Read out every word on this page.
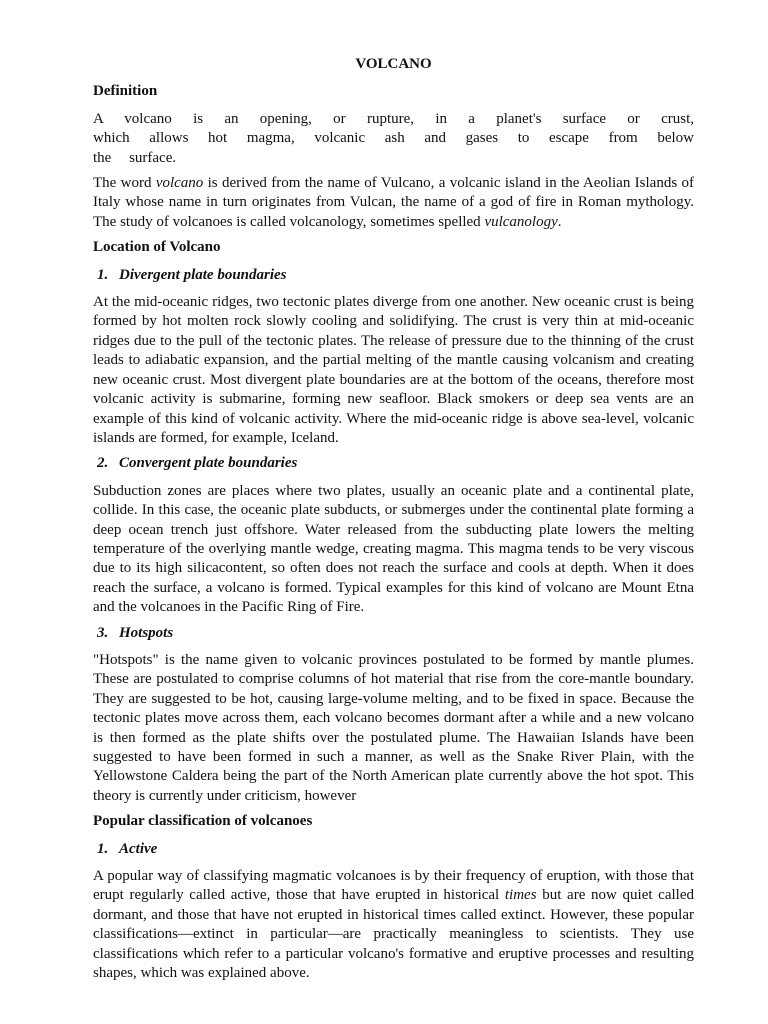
VOLCANO
Definition

A volcano is an opening, or rupture, in a planet's surface or crust, which allows hot magma, volcanic ash and gases to escape from below the surface.

The word volcano is derived from the name of Vulcano, a volcanic island in the Aeolian Islands of Italy whose name in turn originates from Vulcan, the name of a god of fire in Roman mythology. The study of volcanoes is called volcanology, sometimes spelled vulcanology.

Location of Volcano
1. Divergent plate boundaries

At the mid-oceanic ridges, two tectonic plates diverge from one another. New oceanic crust is being formed by hot molten rock slowly cooling and solidifying. The crust is very thin at mid-oceanic ridges due to the pull of the tectonic plates. The release of pressure due to the thinning of the crust leads to adiabatic expansion, and the partial melting of the mantle causing volcanism and creating new oceanic crust. Most divergent plate boundaries are at the bottom of the oceans, therefore most volcanic activity is submarine, forming new seafloor. Black smokers or deep sea vents are an example of this kind of volcanic activity. Where the mid-oceanic ridge is above sea-level, volcanic islands are formed, for example, Iceland.

2. Convergent plate boundaries

Subduction zones are places where two plates, usually an oceanic plate and a continental plate, collide. In this case, the oceanic plate subducts, or submerges under the continental plate forming a deep ocean trench just offshore. Water released from the subducting plate lowers the melting temperature of the overlying mantle wedge, creating magma. This magma tends to be very viscous due to its high silicacontent, so often does not reach the surface and cools at depth. When it does reach the surface, a volcano is formed. Typical examples for this kind of volcano are Mount Etna and the volcanoes in the Pacific Ring of Fire.

3. Hotspots

"Hotspots" is the name given to volcanic provinces postulated to be formed by mantle plumes. These are postulated to comprise columns of hot material that rise from the core-mantle boundary. They are suggested to be hot, causing large-volume melting, and to be fixed in space. Because the tectonic plates move across them, each volcano becomes dormant after a while and a new volcano is then formed as the plate shifts over the postulated plume. The Hawaiian Islands have been suggested to have been formed in such a manner, as well as the Snake River Plain, with the Yellowstone Caldera being the part of the North American plate currently above the hot spot. This theory is currently under criticism, however

Popular classification of volcanoes
1. Active

A popular way of classifying magmatic volcanoes is by their frequency of eruption, with those that erupt regularly called active, those that have erupted in historical times but are now quiet called dormant, and those that have not erupted in historical times called extinct. However, these popular classifications—extinct in particular—are practically meaningless to scientists. They use classifications which refer to a particular volcano's formative and eruptive processes and resulting shapes, which was explained above.
